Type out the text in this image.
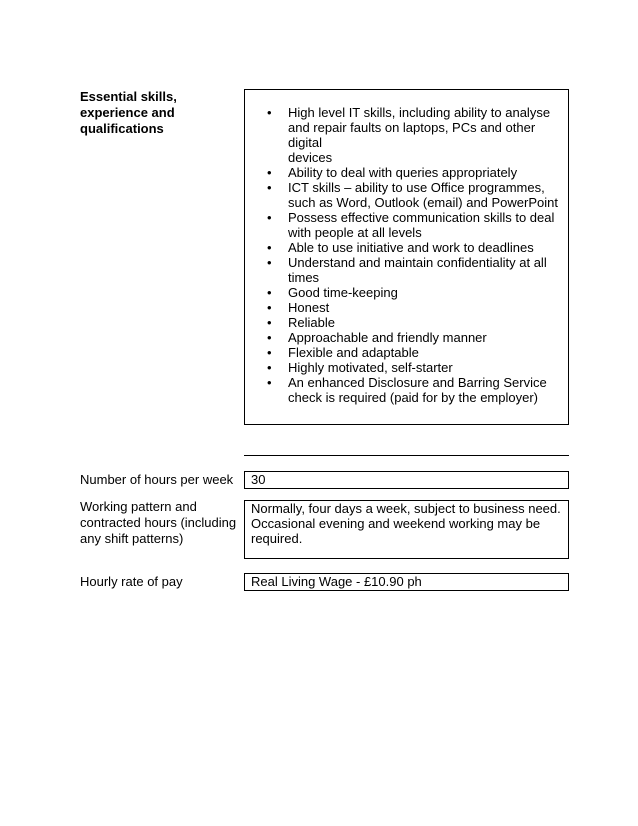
Essential skills,
experience and
qualifications
• High level IT skills, including ability to analyse
and repair faults on laptops, PCs and other digital
devices
• Ability to deal with queries appropriately
• ICT skills – ability to use Office programmes,
such as Word, Outlook (email) and PowerPoint
• Possess effective communication skills to deal
with people at all levels
• Able to use initiative and work to deadlines
• Understand and maintain confidentiality at all
times
• Good time-keeping
• Honest
• Reliable
• Approachable and friendly manner
• Flexible and adaptable
• Highly motivated, self-starter
• An enhanced Disclosure and Barring Service
check is required (paid for by the employer)
Number of hours per week	30
Working pattern and
contracted hours (including
any shift patterns)
Normally, four days a week, subject to business need.
Occasional evening and weekend working may be
required.
Hourly rate of pay	Real Living Wage - £10.90 ph
